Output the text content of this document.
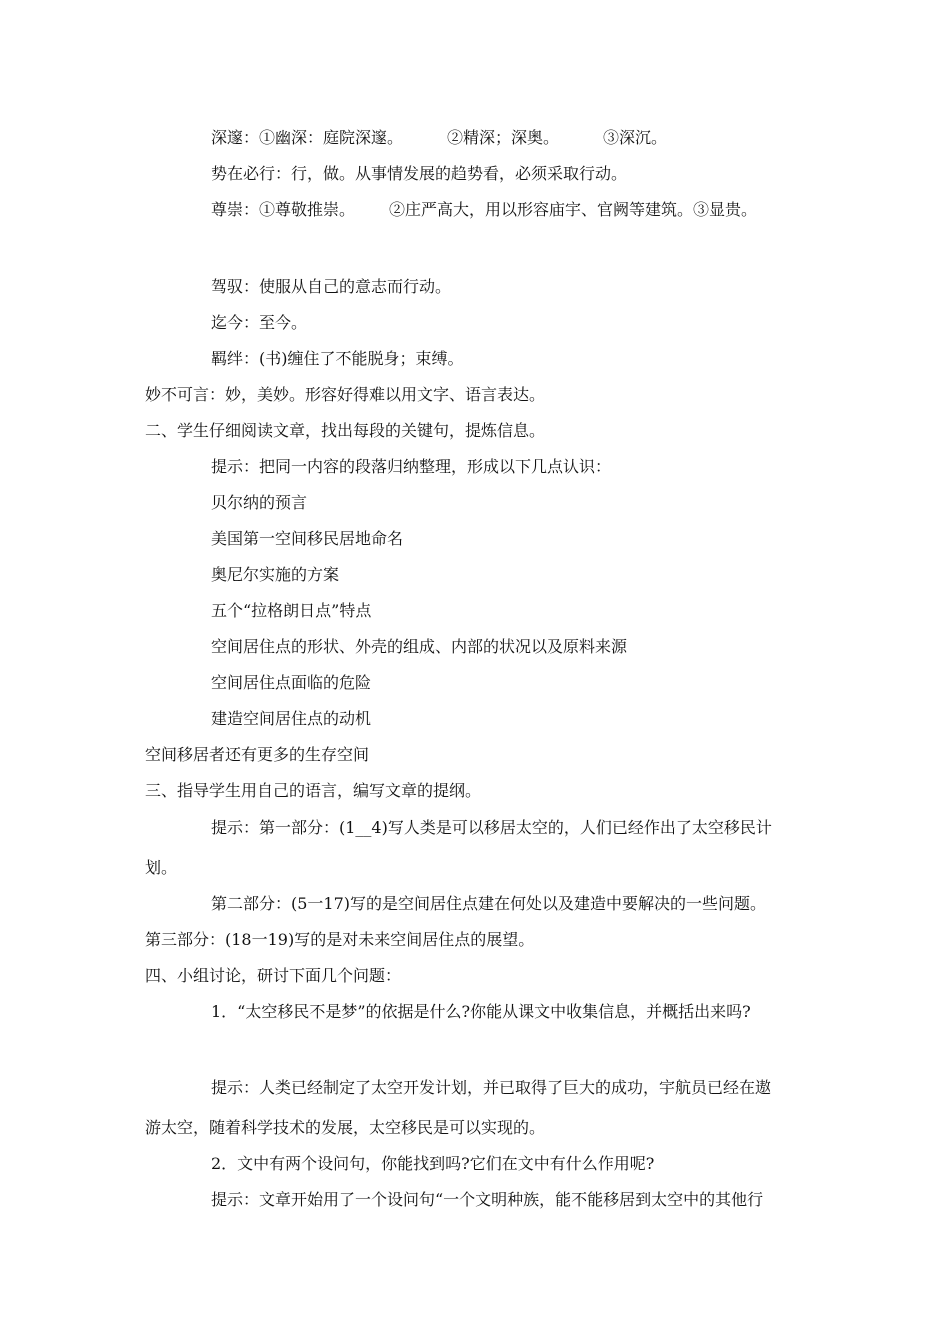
深邃：①幽深：庭院深邃。	②精深；深奥。	③深沉。
势在必行：行，做。从事情发展的趋势看，必须采取行动。
尊崇：①尊敬推崇。 ②庄严高大，用以形容庙宇、官阙等建筑。③显贵。
驾驭：使服从自己的意志而行动。
迄今：至今。
羁绊：(书)缠住了不能脱身；束缚。
妙不可言：妙，美妙。形容好得难以用文字、语言表达。
二、学生仔细阅读文章，找出每段的关键句，提炼信息。
提示：把同一内容的段落归纳整理，形成以下几点认识：
贝尔纳的预言
美国第一空间移民居地命名
奥尼尔实施的方案
五个“拉格朗日点”特点
空间居住点的形状、外壳的组成、内部的状况以及原料来源
空间居住点面临的危险
建造空间居住点的动机
空间移居者还有更多的生存空间
三、指导学生用自己的语言，编写文章的提纲。
提示：第一部分：(1__4)写人类是可以移居太空的，人们已经作出了太空移民计
划。
第二部分：(5一17)写的是空间居住点建在何处以及建造中要解决的一些问题。
第三部分：(18一19)写的是对未来空间居住点的展望。
四、小组讨论，研讨下面几个问题：
1．“太空移民不是梦”的依据是什么?你能从课文中收集信息，并概括出来吗?
提示：人类已经制定了太空开发计划，并已取得了巨大的成功，宇航员已经在遨
游太空，随着科学技术的发展，太空移民是可以实现的。
2．文中有两个设问句，你能找到吗?它们在文中有什么作用呢?
提示：文章开始用了一个设问句“一个文明种族，能不能移居到太空中的其他行
